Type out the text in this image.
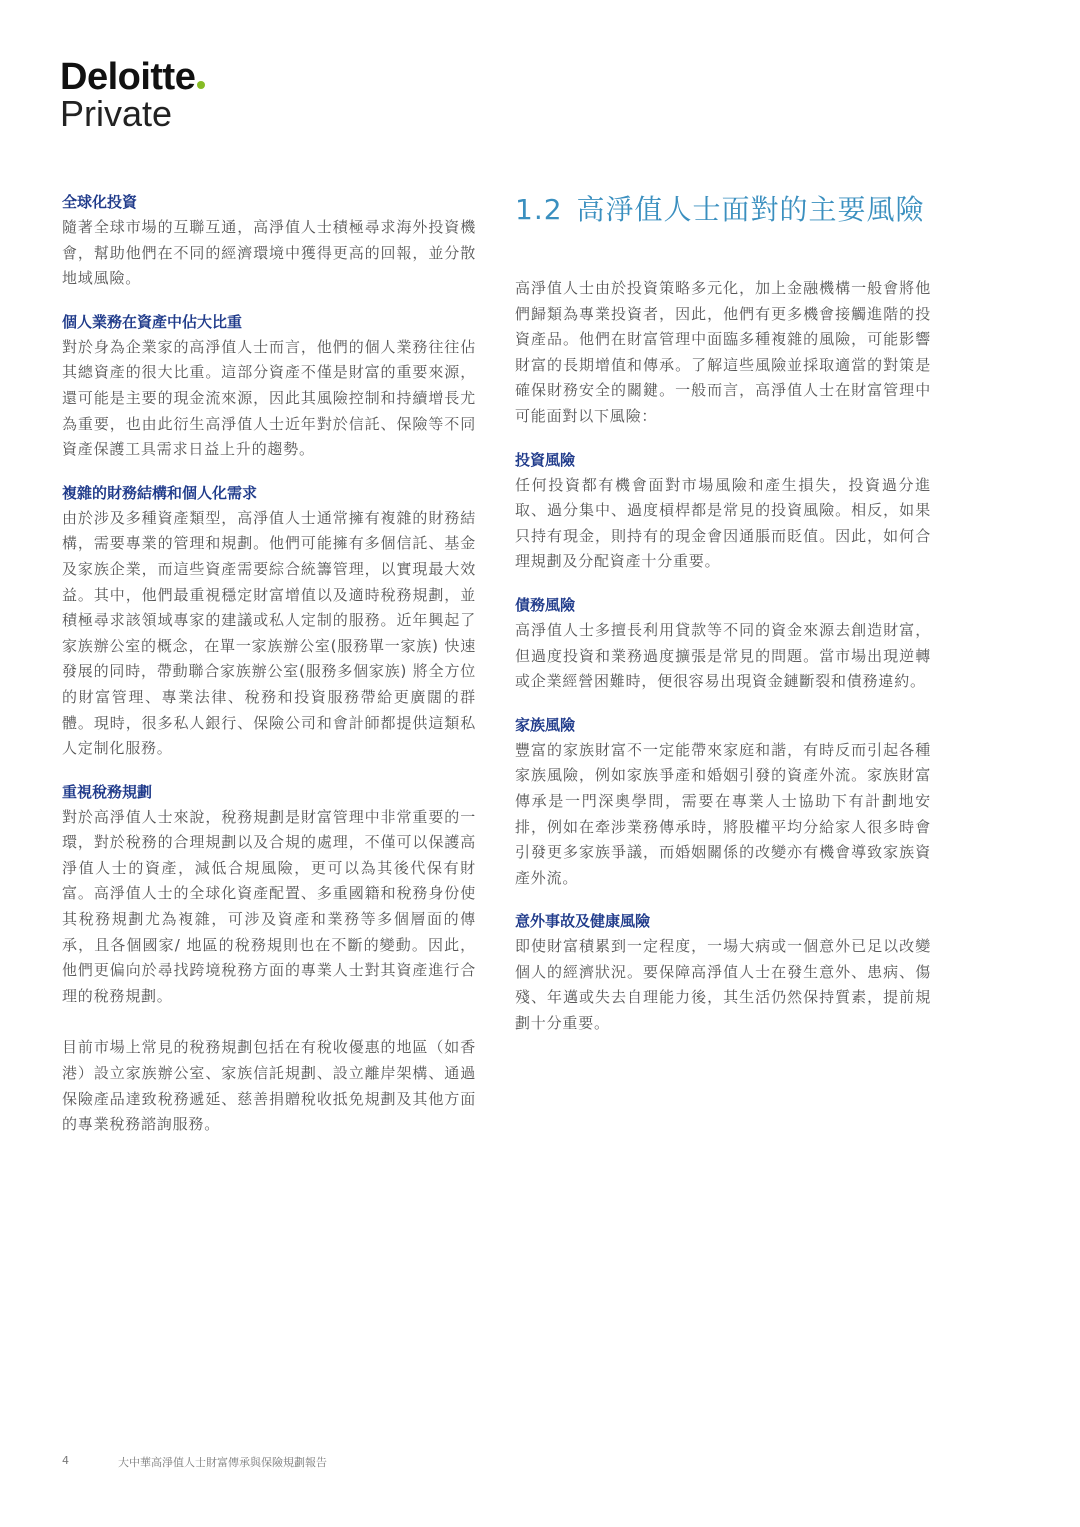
Deloitte
Private
全球化投資
隨著全球市場的互聯互通，高淨值人士積極尋求海外投資機會，幫助他們在不同的經濟環境中獲得更高的回報，並分散地域風險。
個人業務在資產中佔大比重
對於身為企業家的高淨值人士而言，他們的個人業務往往佔其總資產的很大比重。這部分資產不僅是財富的重要來源，還可能是主要的現金流來源，因此其風險控制和持續增長尤為重要，也由此衍生高淨值人士近年對於信託、保險等不同資產保護工具需求日益上升的趨勢。
複雜的財務結構和個人化需求
由於涉及多種資產類型，高淨值人士通常擁有複雜的財務結構，需要專業的管理和規劃。他們可能擁有多個信託、基金及家族企業，而這些資產需要綜合統籌管理，以實現最大效益。其中，他們最重視穩定財富增值以及適時稅務規劃，並積極尋求該領域專家的建議或私人定制的服務。近年興起了家族辦公室的概念，在單一家族辦公室(服務單一家族) 快速發展的同時，帶動聯合家族辦公室(服務多個家族) 將全方位的財富管理、專業法律、稅務和投資服務帶給更廣闊的群體。現時，很多私人銀行、保險公司和會計師都提供這類私人定制化服務。
重視稅務規劃
對於高淨值人士來說，稅務規劃是財富管理中非常重要的一環，對於稅務的合理規劃以及合規的處理，不僅可以保護高淨值人士的資產，減低合規風險，更可以為其後代保有財富。高淨值人士的全球化資產配置、多重國籍和稅務身份使其稅務規劃尤為複雜，可涉及資產和業務等多個層面的傳承，且各個國家/ 地區的稅務規則也在不斷的變動。因此，他們更偏向於尋找跨境稅務方面的專業人士對其資產進行合理的稅務規劃。
目前市場上常見的稅務規劃包括在有稅收優惠的地區（如香港）設立家族辦公室、家族信託規劃、設立離岸架構、通過保險產品達致稅務遞延、慈善捐贈稅收抵免規劃及其他方面的專業稅務諮詢服務。
1.2 高淨值人士面對的主要風險
高淨值人士由於投資策略多元化，加上金融機構一般會將他們歸類為專業投資者，因此，他們有更多機會接觸進階的投資產品。他們在財富管理中面臨多種複雜的風險，可能影響財富的長期增值和傳承。了解這些風險並採取適當的對策是確保財務安全的關鍵。一般而言，高淨值人士在財富管理中可能面對以下風險：
投資風險
任何投資都有機會面對市場風險和產生損失，投資過分進取、過分集中、過度槓桿都是常見的投資風險。相反，如果只持有現金，則持有的現金會因通脹而貶值。因此，如何合理規劃及分配資產十分重要。
債務風險
高淨值人士多擅長利用貸款等不同的資金來源去創造財富，但過度投資和業務過度擴張是常見的問題。當市場出現逆轉或企業經營困難時，便很容易出現資金鏈斷裂和債務違約。
家族風險
豐富的家族財富不一定能帶來家庭和諧，有時反而引起各種家族風險，例如家族爭產和婚姻引發的資產外流。家族財富傳承是一門深奧學問，需要在專業人士協助下有計劃地安排，例如在牽涉業務傳承時，將股權平均分給家人很多時會引發更多家族爭議，而婚姻關係的改變亦有機會導致家族資產外流。
意外事故及健康風險
即使財富積累到一定程度，一場大病或一個意外已足以改變個人的經濟狀況。要保障高淨值人士在發生意外、患病、傷殘、年邁或失去自理能力後，其生活仍然保持質素，提前規劃十分重要。
4	大中華高淨值人士財富傳承與保險規劃報告
